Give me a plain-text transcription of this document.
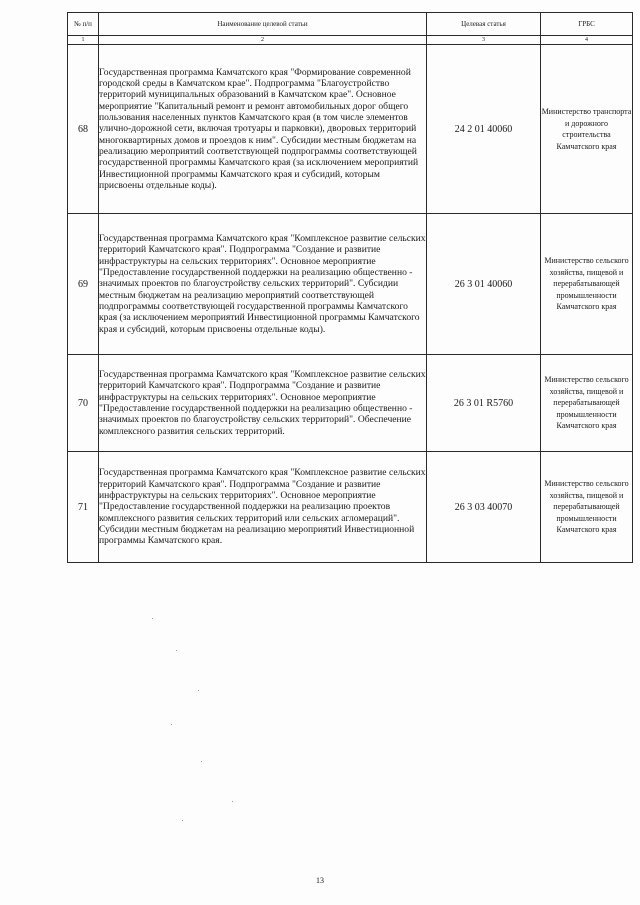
№ п/п	Наименование целевой статьи	Целевая статья	ГРБС
1	2	3	4
68	Государственная программа Камчатского края "Формирование современной городской среды в Камчатском крае". Подпрограмма "Благоустройство территорий муниципальных образований в Камчатском крае". Основное мероприятие "Капитальный ремонт и ремонт автомобильных дорог общего пользования населенных пунктов Камчатского края (в том числе элементов улично-дорожной сети, включая тротуары и парковки), дворовых территорий многоквартирных домов и проездов к ним". Субсидии местным бюджетам на реализацию мероприятий соответствующей подпрограммы соответствующей государственной программы Камчатского края (за исключением мероприятий Инвестиционной программы Камчатского края и субсидий, которым присвоены отдельные коды).	24 2 01 40060	Министерство транспорта и дорожного строительства Камчатского края
69	Государственная программа Камчатского края "Комплексное развитие сельских территорий Камчатского края". Подпрограмма "Создание и развитие инфраструктуры на сельских территориях". Основное мероприятие "Предоставление государственной поддержки на реализацию общественно - значимых проектов по благоустройству сельских территорий". Субсидии местным бюджетам на реализацию мероприятий соответствующей подпрограммы соответствующей государственной программы Камчатского края (за исключением мероприятий Инвестиционной программы Камчатского края и субсидий, которым присвоены отдельные коды).	26 3 01 40060	Министерство сельского хозяйства, пищевой и перерабатывающей промышленности Камчатского края
70	Государственная программа Камчатского края "Комплексное развитие сельских территорий Камчатского края". Подпрограмма "Создание и развитие инфраструктуры на сельских территориях". Основное мероприятие "Предоставление государственной поддержки на реализацию общественно - значимых проектов по благоустройству сельских территорий". Обеспечение комплексного развития сельских территорий.	26 3 01 R5760	Министерство сельского хозяйства, пищевой и перерабатывающей промышленности Камчатского края
71	Государственная программа Камчатского края "Комплексное развитие сельских территорий Камчатского края". Подпрограмма "Создание и развитие инфраструктуры на сельских территориях". Основное мероприятие "Предоставление государственной поддержки на реализацию проектов комплексного развития сельских территорий или сельских агломераций". Субсидии местным бюджетам на реализацию мероприятий Инвестиционной программы Камчатского края.	26 3 03 40070	Министерство сельского хозяйства, пищевой и перерабатывающей промышленности Камчатского края
13
